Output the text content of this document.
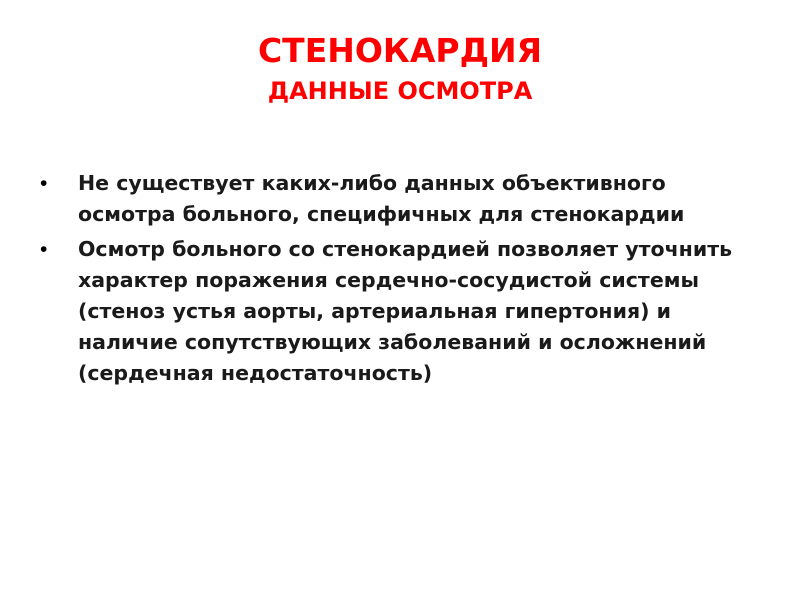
СТЕНОКАРДИЯ
ДАННЫЕ ОСМОТРА
• Не существует каких-либо данных объективного осмотра больного, специфичных для стенокардии
• Осмотр больного со стенокардией позволяет уточнить характер поражения сердечно-сосудистой системы (стеноз устья аорты, артериальная гипертония) и наличие сопутствующих заболеваний и осложнений (сердечная недостаточность)
